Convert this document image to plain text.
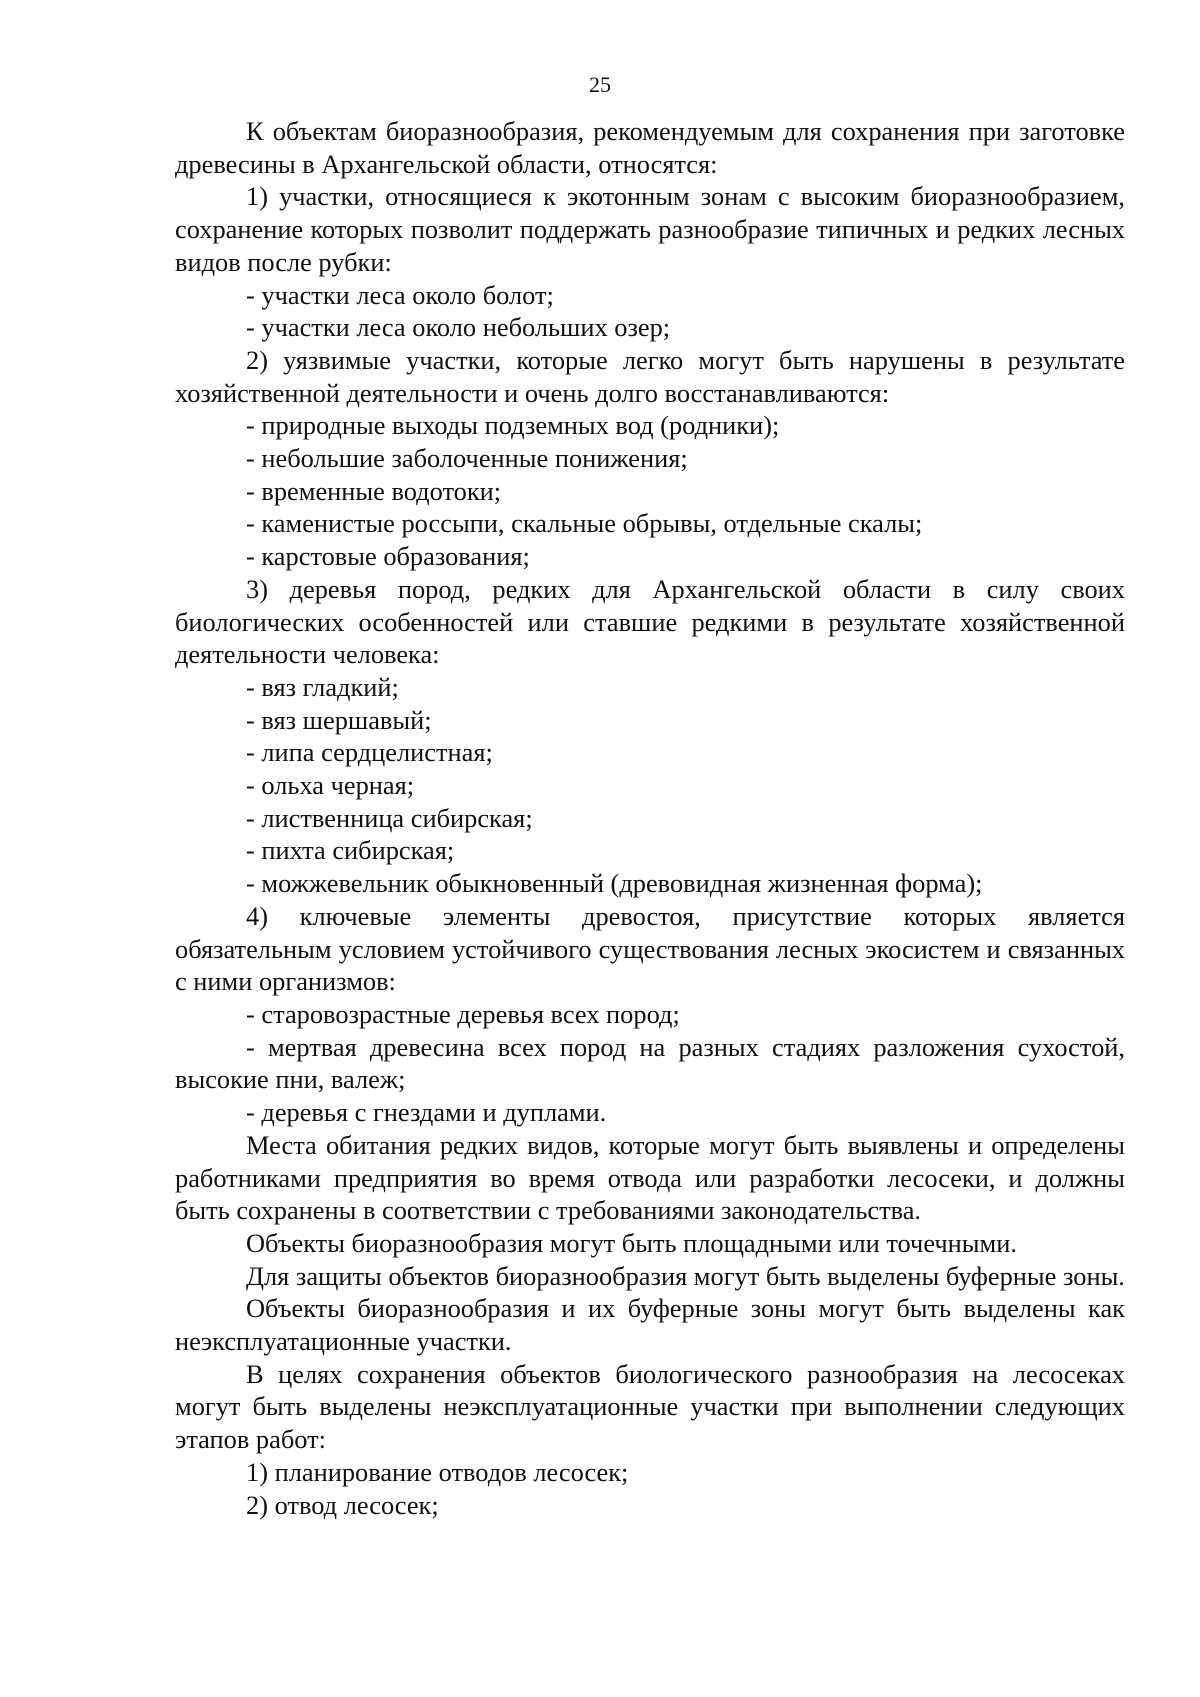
25

К объектам биоразнообразия, рекомендуемым для сохранения при заготовке древесины в Архангельской области, относятся:

1) участки, относящиеся к экотонным зонам с высоким биоразнообразием, сохранение которых позволит поддержать разнообразие типичных и редких лесных видов после рубки:

- участки леса около болот;

- участки леса около небольших озер;

2) уязвимые участки, которые легко могут быть нарушены в результате хозяйственной деятельности и очень долго восстанавливаются:

- природные выходы подземных вод (родники);

- небольшие заболоченные понижения;

- временные водотоки;

- каменистые россыпи, скальные обрывы, отдельные скалы;

- карстовые образования;

3) деревья пород, редких для Архангельской области в силу своих биологических особенностей или ставшие редкими в результате хозяйственной деятельности человека:

- вяз гладкий;

- вяз шершавый;

- липа сердцелистная;

- ольха черная;

- лиственница сибирская;

- пихта сибирская;

- можжевельник обыкновенный (древовидная жизненная форма);

4) ключевые элементы древостоя, присутствие которых является обязательным условием устойчивого существования лесных экосистем и связанных с ними организмов:

- старовозрастные деревья всех пород;

- мертвая древесина всех пород на разных стадиях разложения сухостой, высокие пни, валеж;

- деревья с гнездами и дуплами.

Места обитания редких видов, которые могут быть выявлены и определены работниками предприятия во время отвода или разработки лесосеки, и должны быть сохранены в соответствии с требованиями законодательства.

Объекты биоразнообразия могут быть площадными или точечными.

Для защиты объектов биоразнообразия могут быть выделены буферные зоны.

Объекты биоразнообразия и их буферные зоны могут быть выделены как неэксплуатационные участки.

В целях сохранения объектов биологического разнообразия на лесосеках могут быть выделены неэксплуатационные участки при выполнении следующих этапов работ:

1) планирование отводов лесосек;

2) отвод лесосек;
